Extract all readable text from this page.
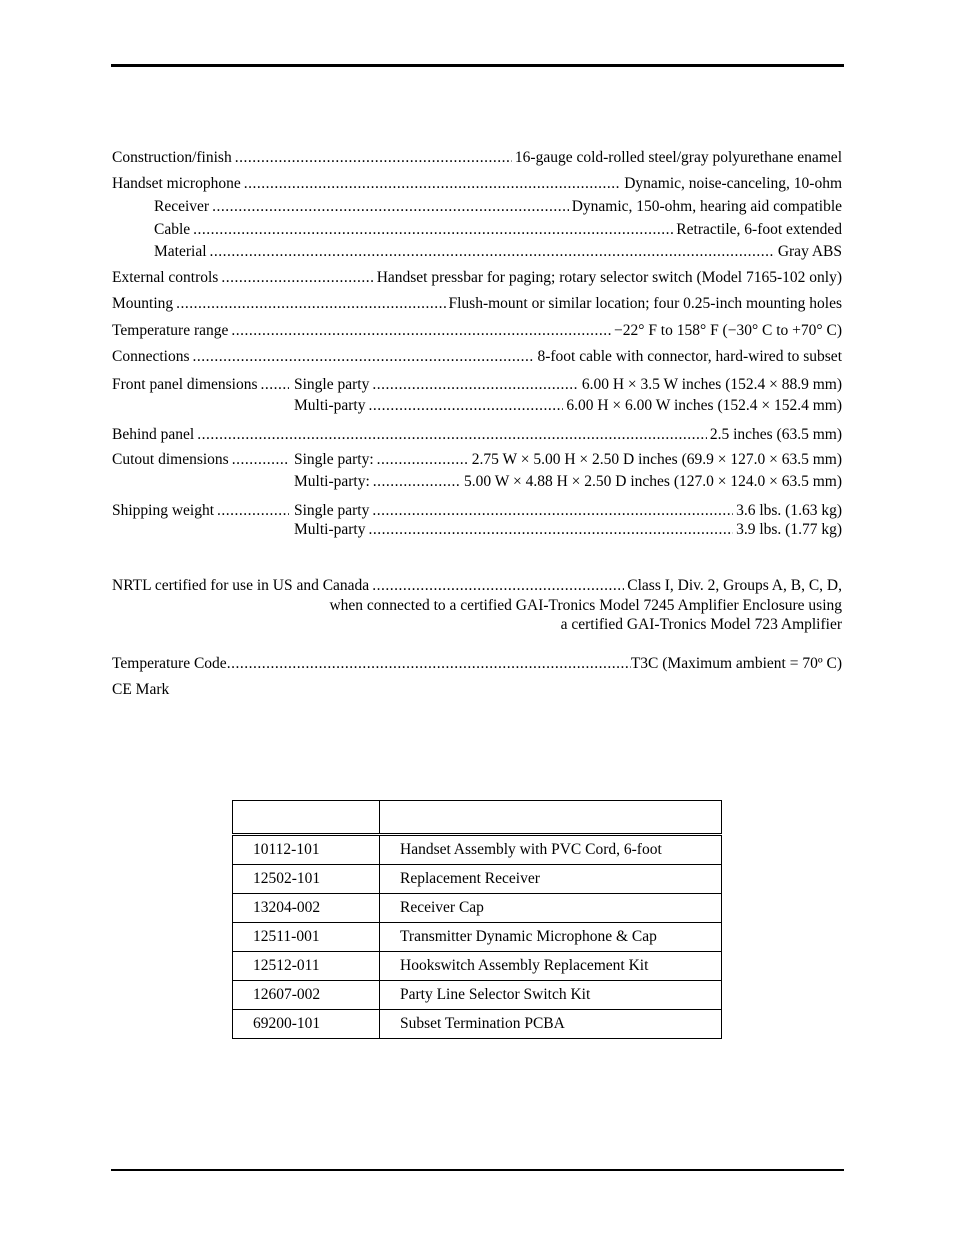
Construction/finish .....	16-gauge cold-rolled steel/gray polyurethane enamel
Handset microphone .....	Dynamic, noise-canceling, 10-ohm
Receiver .....	Dynamic, 150-ohm, hearing aid compatible
Cable .....	Retractile, 6-foot extended
Material .....	Gray ABS
External controls .....	Handset pressbar for paging; rotary selector switch (Model 7165-102 only)
Mounting .....	Flush-mount or similar location; four 0.25-inch mounting holes
Temperature range .....	−22° F to 158° F (−30° C to +70° C)
Connections .....	8-foot cable with connector, hard-wired to subset
Front panel dimensions ..... Single party .....	6.00 H × 3.5 W inches (152.4 × 88.9 mm)
Multi-party .....	6.00 H × 6.00 W inches (152.4 × 152.4 mm)
Behind panel .....	2.5 inches (63.5 mm)
Cutout dimensions .....	Single party: .....	2.75 W × 5.00 H × 2.50 D inches (69.9 × 127.0 × 63.5 mm)
Multi-party: .....	5.00 W × 4.88 H × 2.50 D inches (127.0 × 124.0 × 63.5 mm)
Shipping weight .....	Single party .....	3.6 lbs. (1.63 kg)
Multi-party .....	3.9 lbs. (1.77 kg)
NRTL certified for use in US and Canada .....	Class I, Div. 2, Groups A, B, C, D,
when connected to a certified GAI-Tronics Model 7245 Amplifier Enclosure using
a certified GAI-Tronics Model 723 Amplifier
Temperature Code .....	T3C (Maximum ambient = 70º C)
CE Mark

10112-101	Handset Assembly with PVC Cord, 6-foot
12502-101	Replacement Receiver
13204-002	Receiver Cap
12511-001	Transmitter Dynamic Microphone & Cap
12512-011	Hookswitch Assembly Replacement Kit
12607-002	Party Line Selector Switch Kit
69200-101	Subset Termination PCBA
